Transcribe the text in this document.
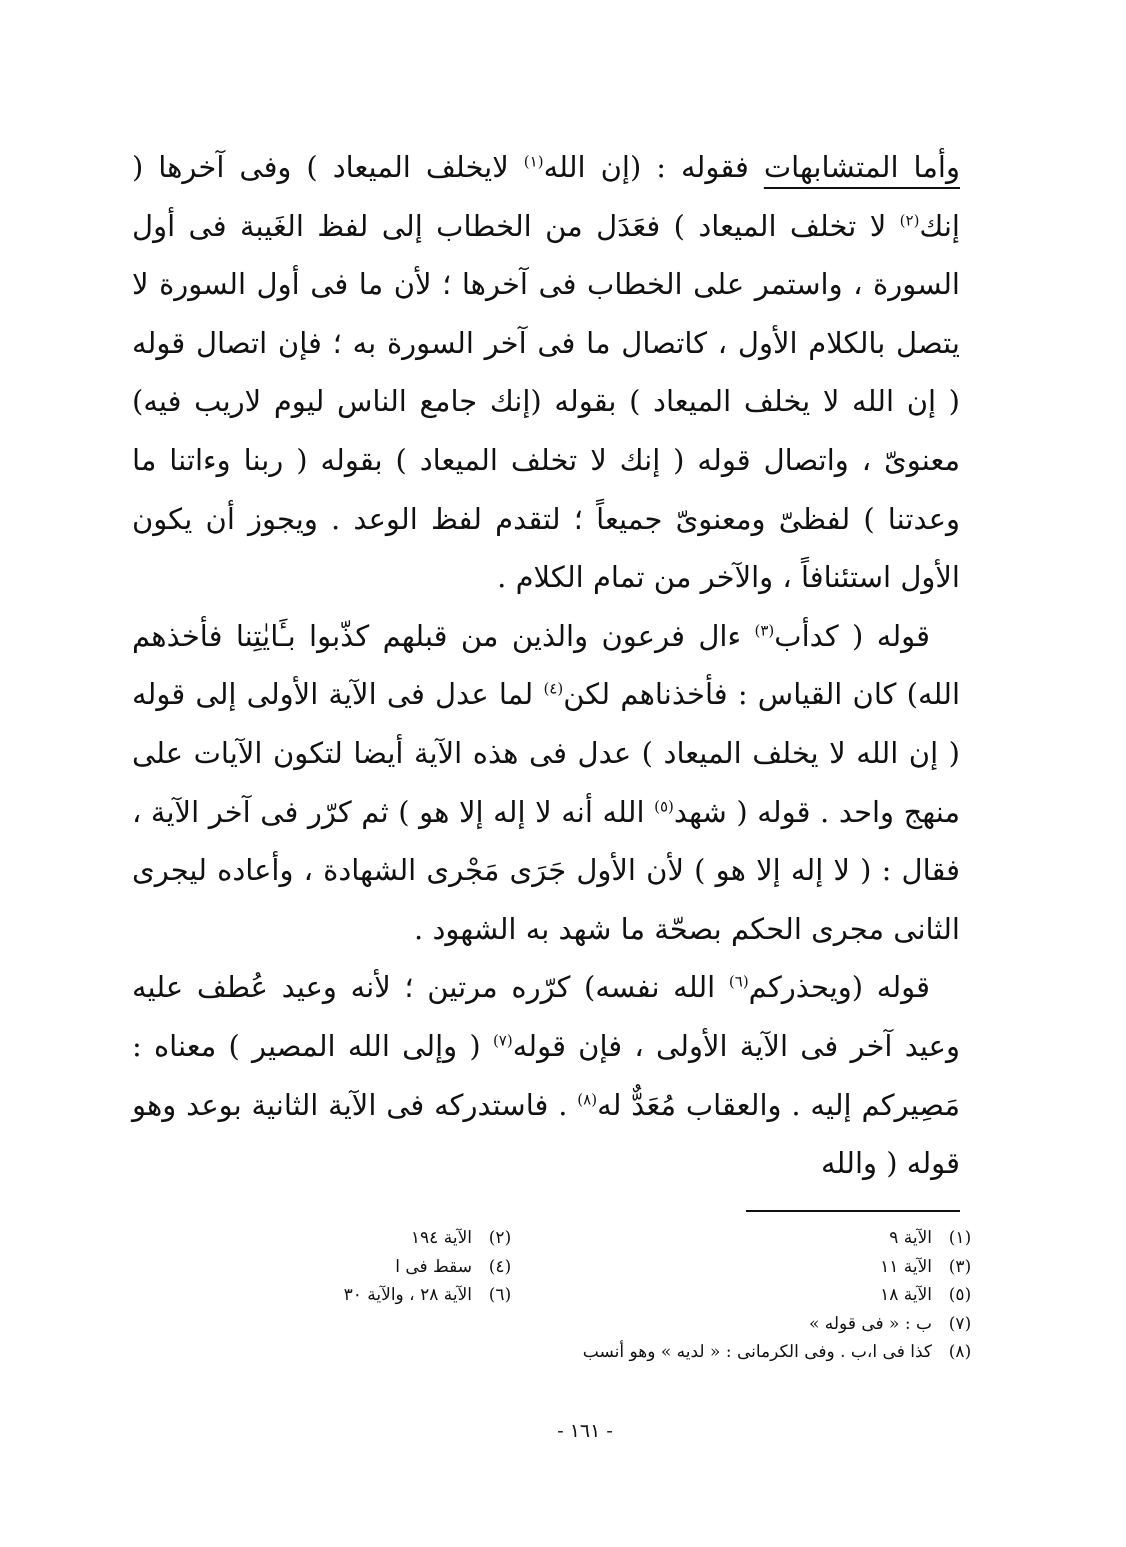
وأما المتشابهات فقوله : (إن الله$^{(١)}$ لايخلف الميعاد ) وفى آخرها ( إنك$^{(٢)}$ لا تخلف الميعاد ) فعَدَل من الخطاب إلى لفظ الغَيبة فى أول السورة ، واستمر على الخطاب فى آخرها ؛ لأن ما فى أول السورة لا يتصل بالكلام الأول ، كاتصال ما فى آخر السورة به ؛ فإن اتصال قوله ( إن الله لا يخلف الميعاد ) بقوله (إنك جامع الناس ليوم لاريب فيه) معنوىّ ، واتصال قوله ( إنك لا تخلف الميعاد ) بقوله ( ربنا وءاتنا ما وعدتنا ) لفظىّ ومعنوىّ جميعاً ؛ لتقدم لفظ الوعد . ويجوز أن يكون الأول استئنافاً ، والآخر من تمام الكلام .

قوله ( كدأب$^{(٣)}$ ءال فرعون والذين من قبلهم كذّبوا بـَٔايٰتِنا فأخذهم الله) كان القياس : فأخذناهم لكن$^{(٤)}$ لما عدل فى الآية الأولى إلى قوله ( إن الله لا يخلف الميعاد ) عدل فى هذه الآية أيضا لتكون الآيات على منهج واحد . قوله ( شهد$^{(٥)}$ الله أنه لا إله إلا هو ) ثم كرّر فى آخر الآية ، فقال : ( لا إله إلا هو ) لأن الأول جَرَى مَجْرى الشهادة ، وأعاده ليجرى الثانى مجرى الحكم بصحّة ما شهد به الشهود .

قوله (ويحذركم$^{(٦)}$ الله نفسه) كرّره مرتين ؛ لأنه وعيد عُطف عليه وعيد آخر فى الآية الأولى ، فإن قوله$^{(٧)}$ ( وإلى الله المصير ) معناه : مَصِيركم إليه . والعقاب مُعَدٌّ له$^{(٨)}$ . فاستدركه فى الآية الثانية بوعد وهو قوله ( والله

(١)
الآية ٩
(٢)
الآية ١٩٤
(٣)
الآية ١١
(٤)
سقط فى ا
(٥)
الآية ١٨
(٦)
الآية ٢٨ ، والآية ٣٠
(٧)
ب : « فى قوله »
(٨)
كذا فى ا،ب . وفى الكرمانى : « لديه » وهو أنسب
- ١٦١ -
